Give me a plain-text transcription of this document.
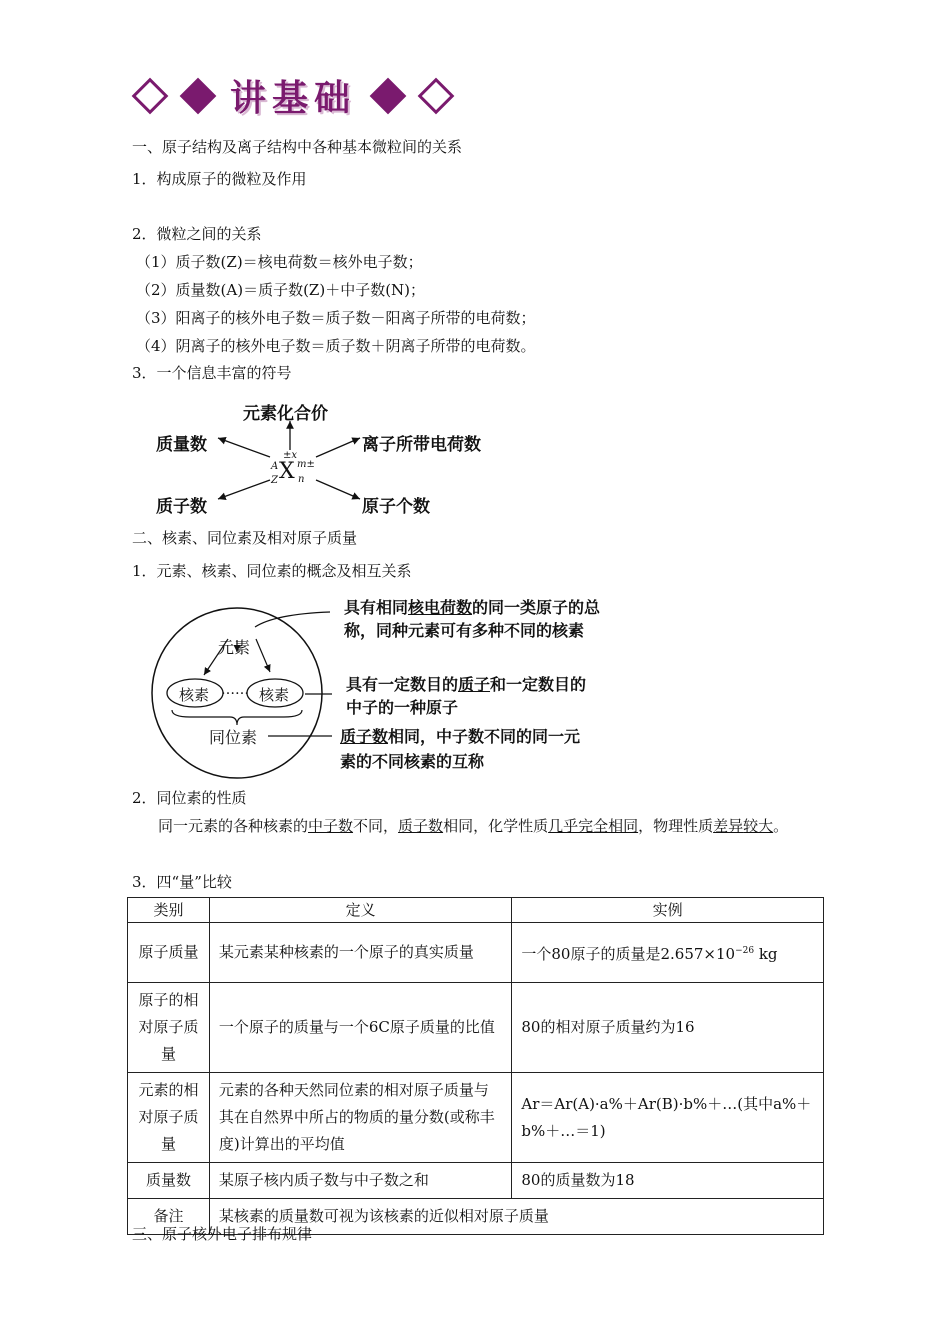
讲基础
一、原子结构及离子结构中各种基本微粒间的关系
1．构成原子的微粒及作用
2．微粒之间的关系
（1）质子数(Z)＝核电荷数＝核外电子数；
（2）质量数(A)＝质子数(Z)＋中子数(N)；
（3）阳离子的核外电子数＝质子数－阳离子所带的电荷数；
（4）阴离子的核外电子数＝质子数＋阴离子所带的电荷数。
3．一个信息丰富的符号
元素化合价
质量数	离子所带电荷数
质子数	原子个数
±x
A
Z X m±
n
二、核素、同位素及相对原子质量
1．元素、核素、同位素的概念及相互关系
元素
核素 …… 核素
同位素
具有相同核电荷数的同一类原子的总
称，同种元素可有多种不同的核素
具有一定数目的质子和一定数目的
中子的一种原子
质子数相同，中子数不同的同一元
素的不同核素的互称
2．同位素的性质
同一元素的各种核素的中子数不同，质子数相同，化学性质几乎完全相同，物理性质差异较大。
3．四“量”比较
类别	定义	实例
原子质量	某元素某种核素的一个原子的真实质量	一个80原子的质量是$2.657\times 10^{-26}$ kg
原子的相对原子质量	一个原子的质量与一个6C原子质量的比值	80的相对原子质量约为16
元素的相对原子质量	元素的各种天然同位素的相对原子质量与其在自然界中所占的物质的量分数(或称丰度)计算出的平均值	Ar＝Ar(A)·a%＋Ar(B)·b%＋…(其中a%＋b%＋…＝1)
质量数	某原子核内质子数与中子数之和	80的质量数为18
备注	某核素的质量数可视为该核素的近似相对原子质量	
三、原子核外电子排布规律
